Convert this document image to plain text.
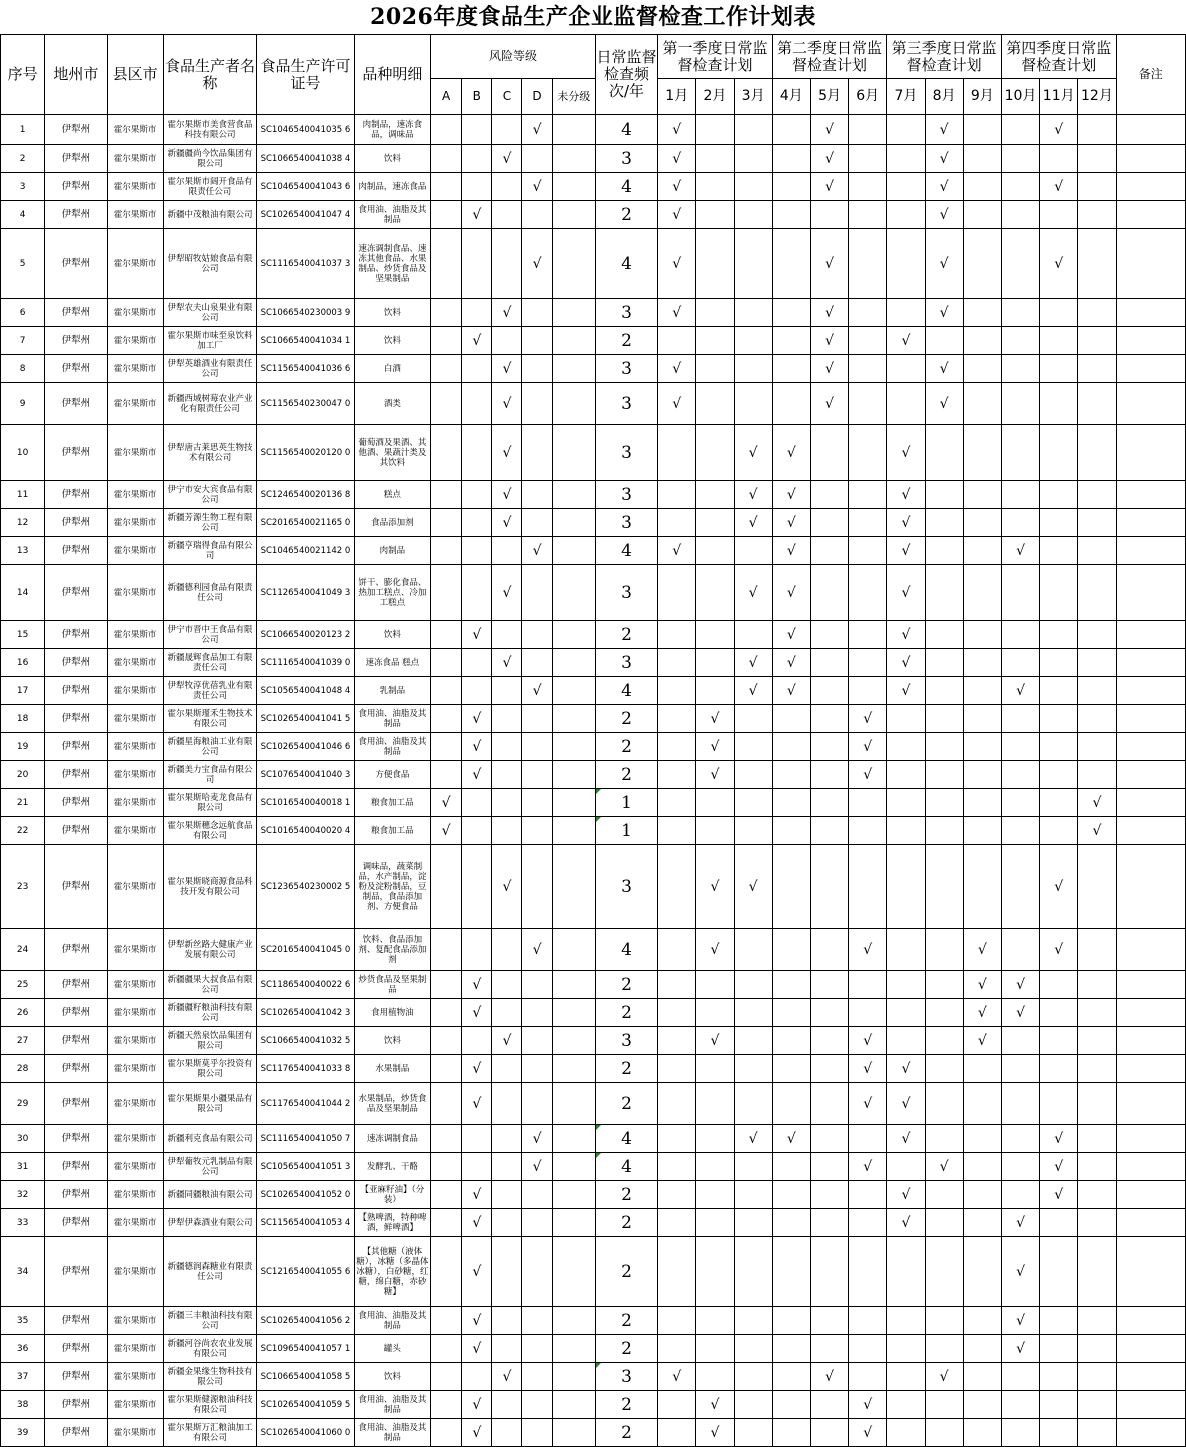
2026年度食品生产企业监督检查工作计划表
序号	地州市	县区市	食品生产者名称	食品生产许可证号	品种明细	风险等级					日常监督检查频次/年	第一季度日常监督检查计划			第二季度日常监督检查计划			第三季度日常监督检查计划			第四季度日常监督检查计划			备注
						A	B	C	D	未分级		1月	2月	3月	4月	5月	6月	7月	8月	9月	10月	11月	12月	
1	伊犁州	霍尔果斯市	霍尔果斯市美食营食品科技有限公司	SC1046540041035 6	肉制品，速冻食品，调味品				√		4	√				√			√			√		
2	伊犁州	霍尔果斯市	新疆疆尚今饮品集团有限公司	SC1066540041038 4	饮料			√			3	√				√			√					
3	伊犁州	霍尔果斯市	霍尔果斯市阔开食品有限责任公司	SC1046540041043 6	肉制品，速冻食品				√		4	√				√			√			√		
4	伊犁州	霍尔果斯市	新疆中茂粮油有限公司	SC1026540041047 4	食用油、油脂及其制品		√				2	√							√					
5	伊犁州	霍尔果斯市	伊犁昭牧姑娘食品有限公司	SC1116540041037 3	速冻调制食品、速冻其他食品、水果制品、炒货食品及坚果制品				√		4	√				√			√			√		
6	伊犁州	霍尔果斯市	伊犁农夫山泉果业有限公司	SC1066540230003 9	饮料			√			3	√				√			√					
7	伊犁州	霍尔果斯市	霍尔果斯市味至泉饮料加工厂	SC1066540041034 1	饮料		√				2					√		√						
8	伊犁州	霍尔果斯市	伊犁英雄酒业有限责任公司	SC1156540041036 6	白酒			√			3	√				√			√					
9	伊犁州	霍尔果斯市	新疆西域树莓农业产业化有限责任公司	SC1156540230047 0	酒类			√			3	√				√			√					
10	伊犁州	霍尔果斯市	伊犁唐古莱思英生物技术有限公司	SC1156540020120 0	葡萄酒及果酒、其他酒、果蔬汁类及其饮料			√			3			√	√			√						
11	伊犁州	霍尔果斯市	伊宁市安大宾食品有限公司	SC1246540020136 8	糕点			√			3			√	√			√						
12	伊犁州	霍尔果斯市	新疆芳源生物工程有限公司	SC2016540021165 0	食品添加剂			√			3			√	√			√						
13	伊犁州	霍尔果斯市	新疆亨瑞得食品有限公司	SC1046540021142 0	肉制品				√		4	√			√			√			√			
14	伊犁州	霍尔果斯市	新疆德利园食品有限责任公司	SC1126540041049 3	饼干、膨化食品、热加工糕点、冷加工糕点			√			3			√	√			√						
15	伊犁州	霍尔果斯市	伊宁市晋中王食品有限公司	SC1066540020123 2	饮料		√				2				√			√						
16	伊犁州	霍尔果斯市	新疆晟辉食品加工有限责任公司	SC1116540041039 0	速冻食品 糕点			√			3			√	√			√						
17	伊犁州	霍尔果斯市	伊犁牧淳优蓓乳业有限责任公司	SC1056540041048 4	乳制品				√		4			√	√			√			√			
18	伊犁州	霍尔果斯市	霍尔果斯瑾禾生物技术有限公司	SC1026540041041 5	食用油、油脂及其制品		√				2		√				√							
19	伊犁州	霍尔果斯市	新疆星海粮油工业有限公司	SC1026540041046 6	食用油、油脂及其制品		√				2		√				√							
20	伊犁州	霍尔果斯市	新疆美力宝食品有限公司	SC1076540041040 3	方便食品		√				2		√				√							
21	伊犁州	霍尔果斯市	霍尔果斯哈麦龙食品有限公司	SC1016540040018 1	粮食加工品	√					1												√	
22	伊犁州	霍尔果斯市	霍尔果斯穗念远航食品有限公司	SC1016540040020 4	粮食加工品	√					1												√	
23	伊犁州	霍尔果斯市	霍尔果斯晓商源食品科技开发有限公司	SC1236540230002 5	调味品，蔬菜制品，水产制品，淀粉及淀粉制品，豆制品，食品添加剂、方便食品			√			3		√	√								√		
24	伊犁州	霍尔果斯市	伊犁新丝路大健康产业发展有限公司	SC2016540041045 0	饮料、食品添加剂、复配食品添加剂				√		4		√				√			√		√		
25	伊犁州	霍尔果斯市	新疆疆果大叔食品有限公司	SC1186540040022 6	炒货食品及坚果制品		√				2									√	√			
26	伊犁州	霍尔果斯市	新疆疆籽粮油科技有限公司	SC1026540041042 3	食用植物油		√				2									√	√			
27	伊犁州	霍尔果斯市	新疆天然泉饮品集团有限公司	SC1066540041032 5	饮料			√			3		√				√			√				
28	伊犁州	霍尔果斯市	霍尔果斯莫乎尔投资有限公司	SC1176540041033 8	水果制品		√				2						√	√						
29	伊犁州	霍尔果斯市	霍尔果斯果小疆果品有限公司	SC1176540041044 2	水果制品，炒货食品及坚果制品		√				2						√	√						
30	伊犁州	霍尔果斯市	新疆利克食品有限公司	SC1116540041050 7	速冻调制食品				√		4			√	√			√				√		
31	伊犁州	霍尔果斯市	伊犁葡牧元乳制品有限公司	SC1056540041051 3	发酵乳、干酪				√		4						√		√			√		
32	伊犁州	霍尔果斯市	新疆同疆粮油有限公司	SC1026540041052 0	【亚麻籽油】（分装）		√				2							√				√		
33	伊犁州	霍尔果斯市	伊犁伊森酒业有限公司	SC1156540041053 4	【熟啤酒，特种啤酒，鲜啤酒】		√				2							√			√			
34	伊犁州	霍尔果斯市	新疆德润森糖业有限责任公司	SC1216540041055 6	【其他糖（液体糖），冰糖（多晶体冰糖），白砂糖，红糖，绵白糖，赤砂糖】		√				2										√			
35	伊犁州	霍尔果斯市	新疆三丰粮油科技有限公司	SC1026540041056 2	食用油、油脂及其制品		√				2										√			
36	伊犁州	霍尔果斯市	新疆河谷尚农农业发展有限公司	SC1096540041057 1	罐头		√				2										√			
37	伊犁州	霍尔果斯市	新疆金果缘生物科技有限公司	SC1066540041058 5	饮料			√			3	√				√			√					
38	伊犁州	霍尔果斯市	霍尔果斯健源粮油科技有限公司	SC1026540041059 5	食用油、油脂及其制品		√				2		√				√							
39	伊犁州	霍尔果斯市	霍尔果斯万汇粮油加工有限公司	SC1026540041060 0	食用油、油脂及其制品		√				2		√				√							
